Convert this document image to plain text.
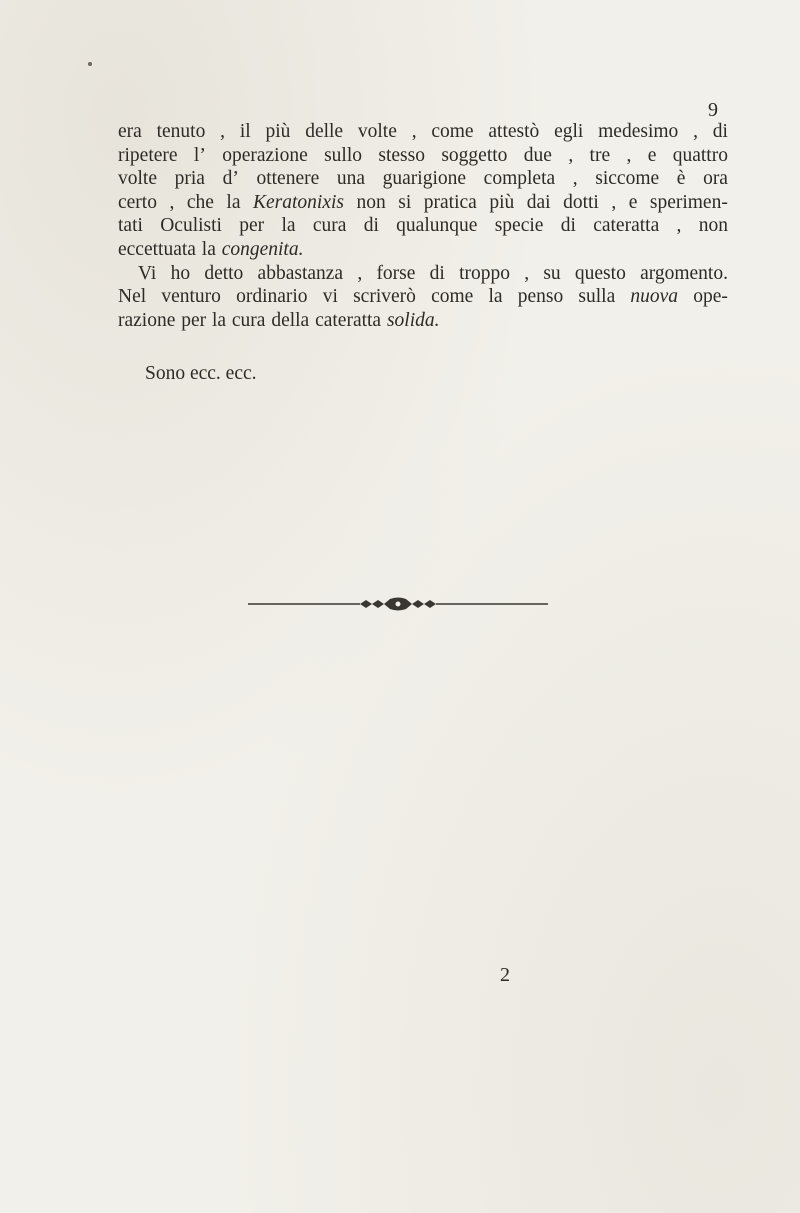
9
era tenuto , il più delle volte , come attestò egli medesimo , di
ripetere l’ operazione sullo stesso soggetto due , tre , e quattro
volte pria d’ ottenere una guarigione completa , siccome è ora
certo , che la Keratonixis non si pratica più dai dotti , e sperimen-
tati Oculisti per la cura di qualunque specie di cateratta , non
eccettuata la congenita.
Vi ho detto abbastanza , forse di troppo , su questo argomento.
Nel venturo ordinario vi scriverò come la penso sulla nuova ope-
razione per la cura della cateratta solida.
Sono ecc. ecc.
2
